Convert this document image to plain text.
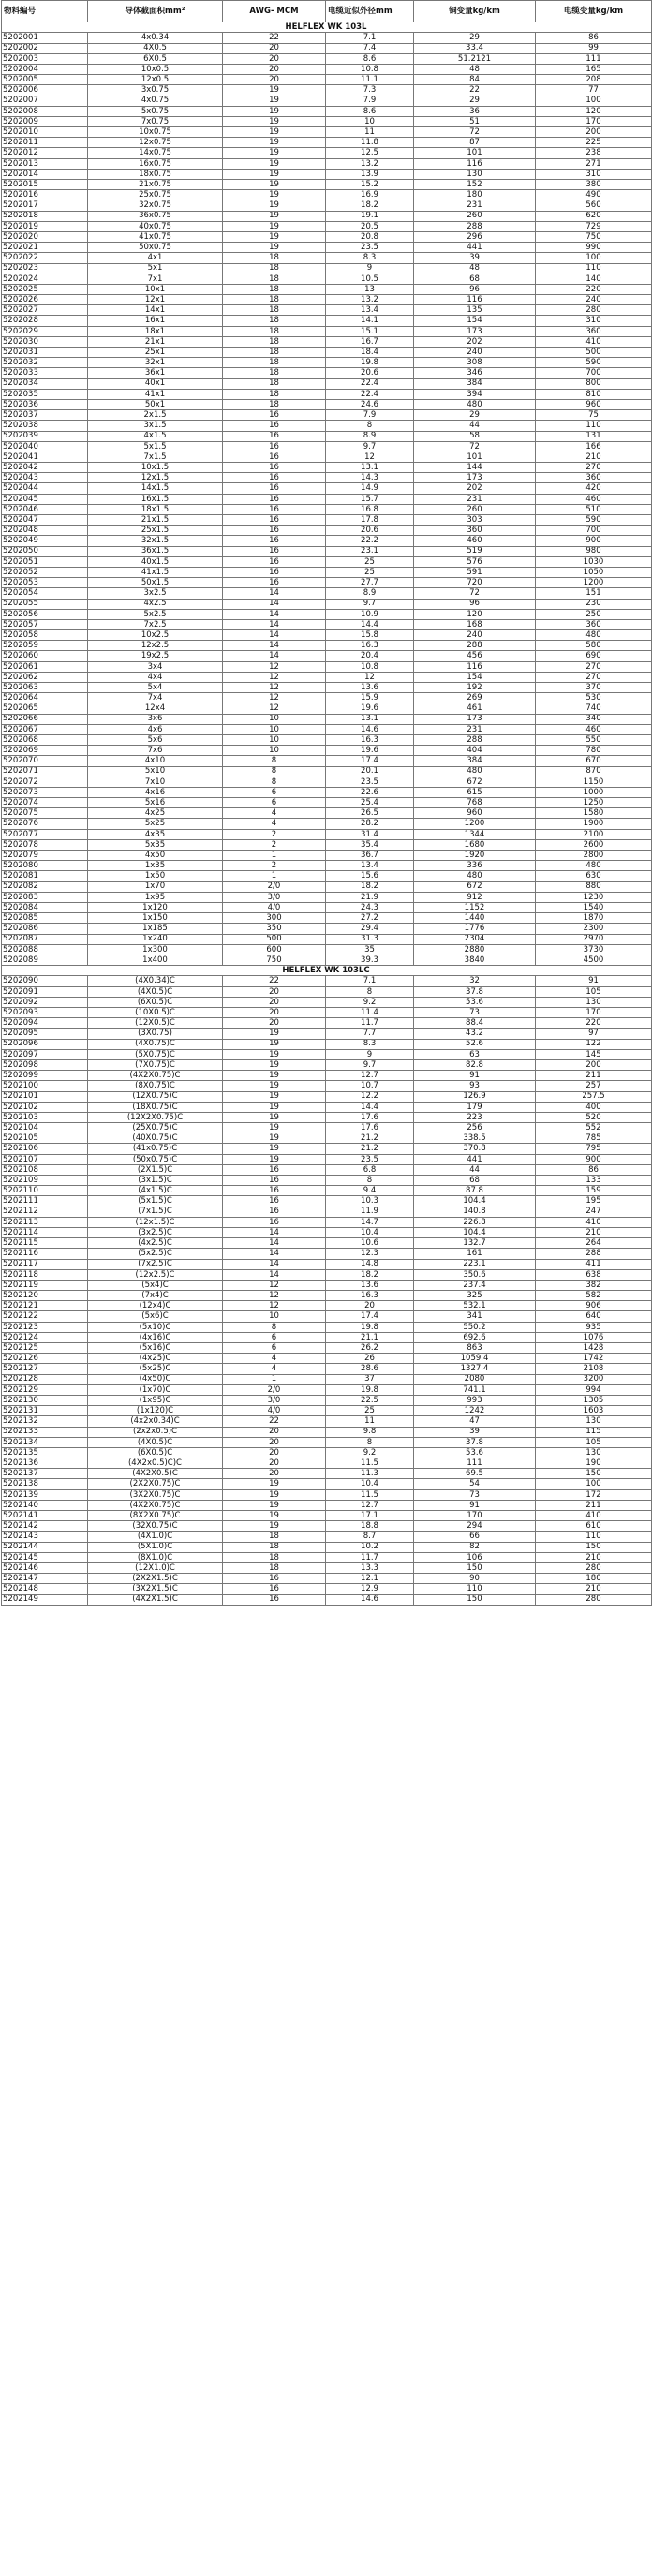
物料编号	导体截面积mm²	AWG- MCM	电缆近似外径mm	铜变量kg/km	电缆变量kg/km
HELFLEX WK 103L					
5202001	4x0.34	22	7.1	29	86
5202002	4X0.5	20	7.4	33.4	99
5202003	6X0.5	20	8.6	51.2121	111
5202004	10x0.5	20	10.8	48	165
5202005	12x0.5	20	11.1	84	208
5202006	3x0.75	19	7.3	22	77
5202007	4x0.75	19	7.9	29	100
5202008	5x0.75	19	8.6	36	120
5202009	7x0.75	19	10	51	170
5202010	10x0.75	19	11	72	200
5202011	12x0.75	19	11.8	87	225
5202012	14x0.75	19	12.5	101	238
5202013	16x0.75	19	13.2	116	271
5202014	18x0.75	19	13.9	130	310
5202015	21x0.75	19	15.2	152	380
5202016	25x0.75	19	16.9	180	490
5202017	32x0.75	19	18.2	231	560
5202018	36x0.75	19	19.1	260	620
5202019	40x0.75	19	20.5	288	729
5202020	41x0.75	19	20.8	296	750
5202021	50x0.75	19	23.5	441	990
5202022	4x1	18	8.3	39	100
5202023	5x1	18	9	48	110
5202024	7x1	18	10.5	68	140
5202025	10x1	18	13	96	220
5202026	12x1	18	13.2	116	240
5202027	14x1	18	13.4	135	280
5202028	16x1	18	14.1	154	310
5202029	18x1	18	15.1	173	360
5202030	21x1	18	16.7	202	410
5202031	25x1	18	18.4	240	500
5202032	32x1	18	19.8	308	590
5202033	36x1	18	20.6	346	700
5202034	40x1	18	22.4	384	800
5202035	41x1	18	22.4	394	810
5202036	50x1	18	24.6	480	960
5202037	2x1.5	16	7.9	29	75
5202038	3x1.5	16	8	44	110
5202039	4x1.5	16	8.9	58	131
5202040	5x1.5	16	9.7	72	166
5202041	7x1.5	16	12	101	210
5202042	10x1.5	16	13.1	144	270
5202043	12x1.5	16	14.3	173	360
5202044	14x1.5	16	14.9	202	420
5202045	16x1.5	16	15.7	231	460
5202046	18x1.5	16	16.8	260	510
5202047	21x1.5	16	17.8	303	590
5202048	25x1.5	16	20.6	360	700
5202049	32x1.5	16	22.2	460	900
5202050	36x1.5	16	23.1	519	980
5202051	40x1.5	16	25	576	1030
5202052	41x1.5	16	25	591	1050
5202053	50x1.5	16	27.7	720	1200
5202054	3x2.5	14	8.9	72	151
5202055	4x2.5	14	9.7	96	230
5202056	5x2.5	14	10.9	120	250
5202057	7x2.5	14	14.4	168	360
5202058	10x2.5	14	15.8	240	480
5202059	12x2.5	14	16.3	288	580
5202060	19x2.5	14	20.4	456	690
5202061	3x4	12	10.8	116	270
5202062	4x4	12	12	154	270
5202063	5x4	12	13.6	192	370
5202064	7x4	12	15.9	269	530
5202065	12x4	12	19.6	461	740
5202066	3x6	10	13.1	173	340
5202067	4x6	10	14.6	231	460
5202068	5x6	10	16.3	288	550
5202069	7x6	10	19.6	404	780
5202070	4x10	8	17.4	384	670
5202071	5x10	8	20.1	480	870
5202072	7x10	8	23.5	672	1150
5202073	4x16	6	22.6	615	1000
5202074	5x16	6	25.4	768	1250
5202075	4x25	4	26.5	960	1580
5202076	5x25	4	28.2	1200	1900
5202077	4x35	2	31.4	1344	2100
5202078	5x35	2	35.4	1680	2600
5202079	4x50	1	36.7	1920	2800
5202080	1x35	2	13.4	336	480
5202081	1x50	1	15.6	480	630
5202082	1x70	2/0	18.2	672	880
5202083	1x95	3/0	21.9	912	1230
5202084	1x120	4/0	24.3	1152	1540
5202085	1x150	300	27.2	1440	1870
5202086	1x185	350	29.4	1776	2300
5202087	1x240	500	31.3	2304	2970
5202088	1x300	600	35	2880	3730
5202089	1x400	750	39.3	3840	4500
HELFLEX WK 103LC					
5202090	(4X0.34)C	22	7.1	32	91
5202091	(4X0.5)C	20	8	37.8	105
5202092	(6X0.5)C	20	9.2	53.6	130
5202093	(10X0.5)C	20	11.4	73	170
5202094	(12X0.5)C	20	11.7	88.4	220
5202095	(3X0.75)	19	7.7	43.2	97
5202096	(4X0.75)C	19	8.3	52.6	122
5202097	(5X0.75)C	19	9	63	145
5202098	(7X0.75)C	19	9.7	82.8	200
5202099	(4X2X0.75)C	19	12.7	91	211
5202100	(8X0.75)C	19	10.7	93	257
5202101	(12X0.75)C	19	12.2	126.9	257.5
5202102	(18X0.75)C	19	14.4	179	400
5202103	(12X2X0.75)C	19	17.6	223	520
5202104	(25X0.75)C	19	17.6	256	552
5202105	(40X0.75)C	19	21.2	338.5	785
5202106	(41x0.75)C	19	21.2	370.8	795
5202107	(50x0.75)C	19	23.5	441	900
5202108	(2X1.5)C	16	6.8	44	86
5202109	(3x1.5)C	16	8	68	133
5202110	(4x1.5)C	16	9.4	87.8	159
5202111	(5x1.5)C	16	10.3	104.4	195
5202112	(7x1.5)C	16	11.9	140.8	247
5202113	(12x1.5)C	16	14.7	226.8	410
5202114	(3x2.5)C	14	10.4	104.4	210
5202115	(4x2.5)C	14	10.6	132.7	264
5202116	(5x2.5)C	14	12.3	161	288
5202117	(7x2.5)C	14	14.8	223.1	411
5202118	(12x2.5)C	14	18.2	350.6	638
5202119	(5x4)C	12	13.6	237.4	382
5202120	(7x4)C	12	16.3	325	582
5202121	(12x4)C	12	20	532.1	906
5202122	(5x6)C	10	17.4	341	640
5202123	(5x10)C	8	19.8	550.2	935
5202124	(4x16)C	6	21.1	692.6	1076
5202125	(5x16)C	6	26.2	863	1428
5202126	(4x25)C	4	26	1059.4	1742
5202127	(5x25)C	4	28.6	1327.4	2108
5202128	(4x50)C	1	37	2080	3200
5202129	(1x70)C	2/0	19.8	741.1	994
5202130	(1x95)C	3/0	22.5	993	1305
5202131	(1x120)C	4/0	25	1242	1603
5202132	(4x2x0.34)C	22	11	47	130
5202133	(2x2x0.5)C	20	9.8	39	115
5202134	(4X0.5)C	20	8	37.8	105
5202135	(6X0.5)C	20	9.2	53.6	130
5202136	(4X2x0.5)C)C	20	11.5	111	190
5202137	(4X2X0.5)C	20	11.3	69.5	150
5202138	(2X2X0.75)C	19	10.4	54	100
5202139	(3X2X0.75)C	19	11.5	73	172
5202140	(4X2X0.75)C	19	12.7	91	211
5202141	(8X2X0.75)C	19	17.1	170	410
5202142	(32X0.75)C	19	18.8	294	610
5202143	(4X1.0)C	18	8.7	66	110
5202144	(5X1.0)C	18	10.2	82	150
5202145	(8X1.0)C	18	11.7	106	210
5202146	(12X1.0)C	18	13.3	150	280
5202147	(2X2X1.5)C	16	12.1	90	180
5202148	(3X2X1.5)C	16	12.9	110	210
5202149	(4X2X1.5)C	16	14.6	150	280
